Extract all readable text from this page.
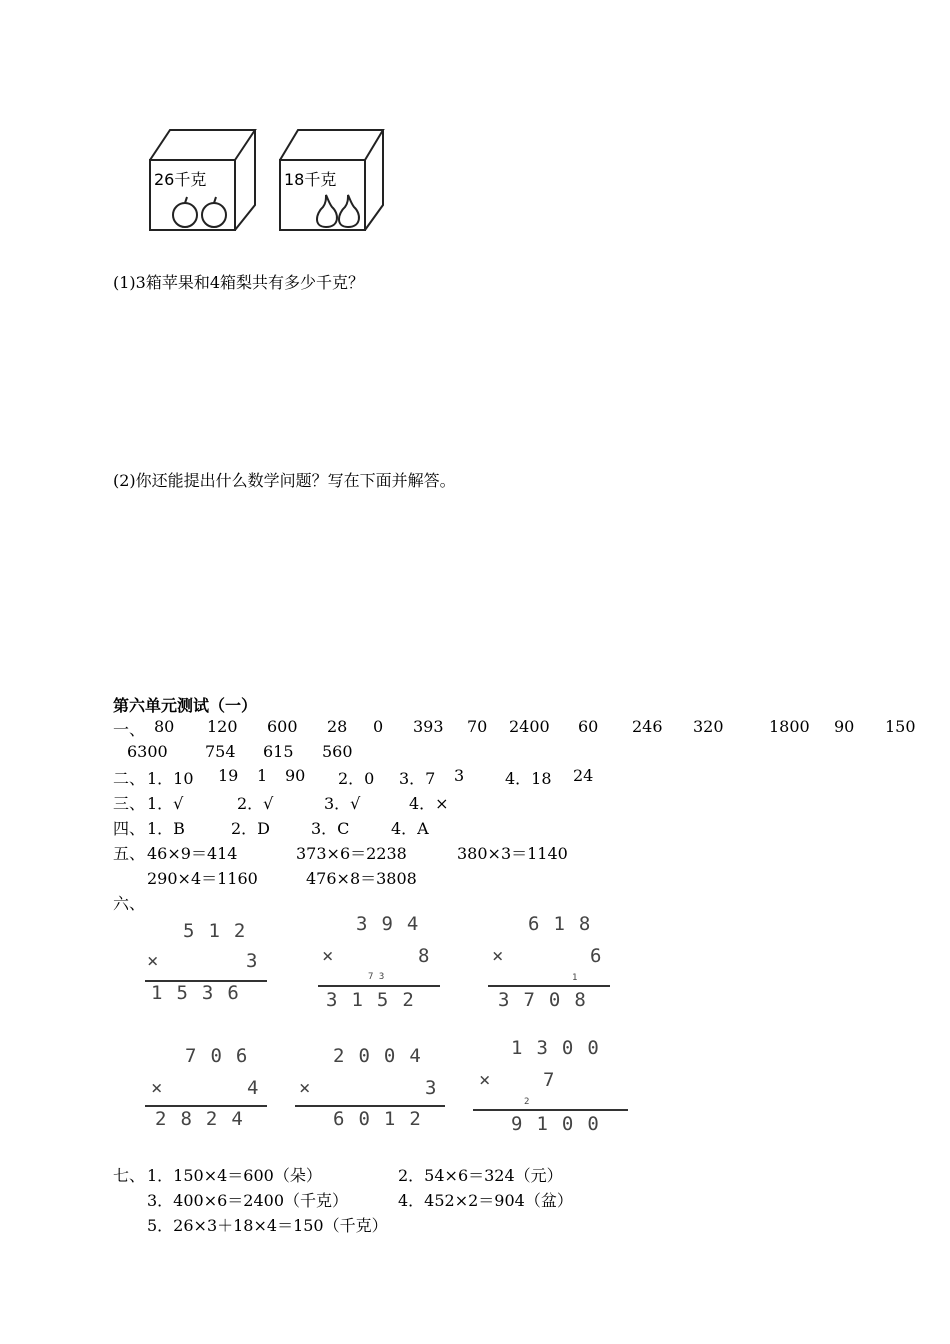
26千克	18千克
(1)3箱苹果和4箱梨共有多少千克？
(2)你还能提出什么数学问题？写在下面并解答。
第六单元测试（一）
一、 80 120 600 28 0 393 70 2400 60 246 320	1800 90 150
6300 754 615 560
二、 1．10 19 1 90 2．0 3．7 3	4．18 24
三、 1．√	2．√	3．√	4．×
四、 1．B	2．D	3．C	4．A
五、 46×9＝414	373×6＝2238	380×3＝1140
290×4＝1160	476×8＝3808
六、
512
×	3
1536
394
×	8
7 3
3152
618
×	6
1
3708
706
×	4
2824
2004
×	3
6012
1300
× 7
2
9100
七、 1．150×4＝600（朵）	2．54×6＝324（元）
3．400×6＝2400（千克）	4．452×2＝904（盆）
5．26×3＋18×4＝150（千克）
